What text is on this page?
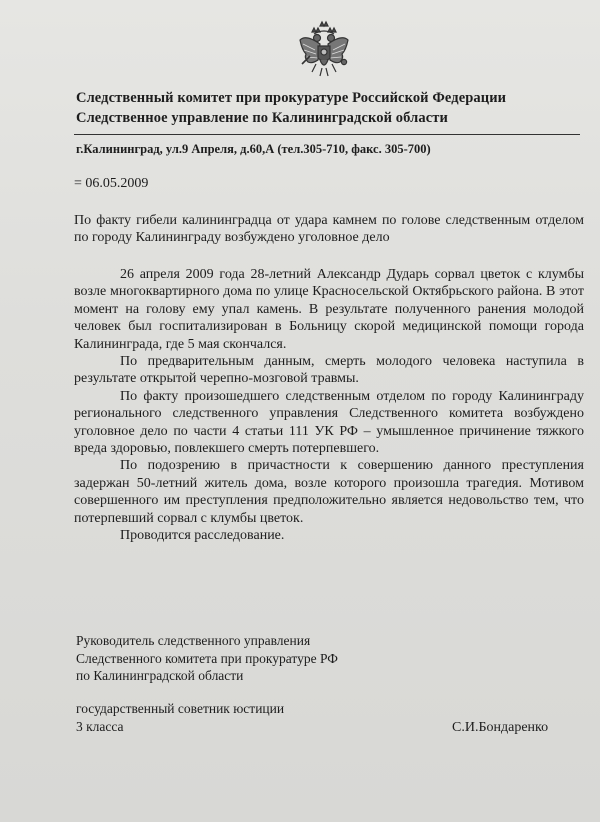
Следственный комитет при прокуратуре Российской Федерации
Следственное управление по Калининградской области
г.Калининград, ул.9 Апреля, д.60,А (тел.305-710, факс. 305-700)
= 06.05.2009
По факту гибели калининградца от удара камнем по голове следственным отделом по городу Калининграду возбуждено уголовное дело

26 апреля 2009 года 28-летний Александр Дударь сорвал цветок с клумбы возле многоквартирного дома по улице Красносельской Октябрьского района. В этот момент на голову ему упал камень. В результате полученного ранения молодой человек был госпитализирован в Больницу скорой медицинской помощи города Калининграда, где 5 мая скончался.

По предварительным данным, смерть молодого человека наступила в результате открытой черепно-мозговой травмы.

По факту произошедшего следственным отделом по городу Калининграду регионального следственного управления Следственного комитета возбуждено уголовное дело по части 4 статьи 111 УК РФ – умышленное причинение тяжкого вреда здоровью, повлекшего смерть потерпевшего.

По подозрению в причастности к совершению данного преступления задержан 50-летний житель дома, возле которого произошла трагедия. Мотивом совершенного им преступления предположительно является недовольство тем, что потерпевший сорвал с клумбы цветок.

Проводится расследование.

Руководитель следственного управления
Следственного комитета при прокуратуре РФ
по Калининградской области
государственный советник юстиции
3 класса	С.И.Бондаренко
